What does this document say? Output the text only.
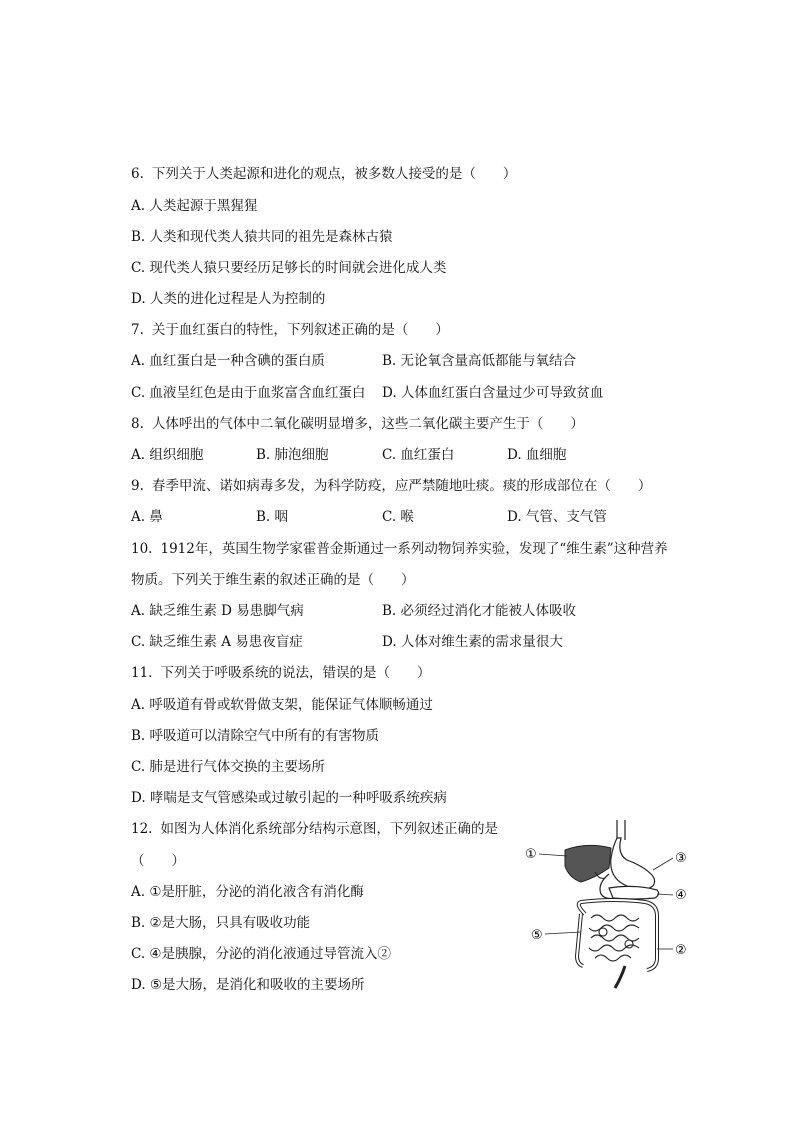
6. 下列关于人类起源和进化的观点，被多数人接受的是（　　）
A. 人类起源于黑猩猩
B. 人类和现代类人猿共同的祖先是森林古猿
C. 现代类人猿只要经历足够长的时间就会进化成人类
D. 人类的进化过程是人为控制的
7. 关于血红蛋白的特性，下列叙述正确的是（　　）
A. 血红蛋白是一种含碘的蛋白质	B. 无论氧含量高低都能与氧结合
C. 血液呈红色是由于血浆富含血红蛋白 D. 人体血红蛋白含量过少可导致贫血
8. 人体呼出的气体中二氧化碳明显增多，这些二氧化碳主要产生于（　　）
A. 组织细胞	B. 肺泡细胞	C. 血红蛋白	D. 血细胞
9. 春季甲流、诺如病毒多发，为科学防疫，应严禁随地吐痰。痰的形成部位在（　　）
A. 鼻	B. 咽	C. 喉	D. 气管、支气管
10. 1912年，英国生物学家霍普金斯通过一系列动物饲养实验，发现了“维生素”这种营养
物质。下列关于维生素的叙述正确的是（　　）
A. 缺乏维生素 D 易患脚气病	B. 必须经过消化才能被人体吸收
C. 缺乏维生素 A 易患夜盲症	D. 人体对维生素的需求量很大
11. 下列关于呼吸系统的说法，错误的是（　　）
A. 呼吸道有骨或软骨做支架，能保证气体顺畅通过
B. 呼吸道可以清除空气中所有的有害物质
C. 肺是进行气体交换的主要场所
D. 哮喘是支气管感染或过敏引起的一种呼吸系统疾病
12. 如图为人体消化系统部分结构示意图，下列叙述正确的是
（　　）
A. ①是肝脏，分泌的消化液含有消化酶
B. ②是大肠，只具有吸收功能
C. ④是胰腺，分泌的消化液通过导管流入②
D. ⑤是大肠，是消化和吸收的主要场所
①	③
④
⑤
②
